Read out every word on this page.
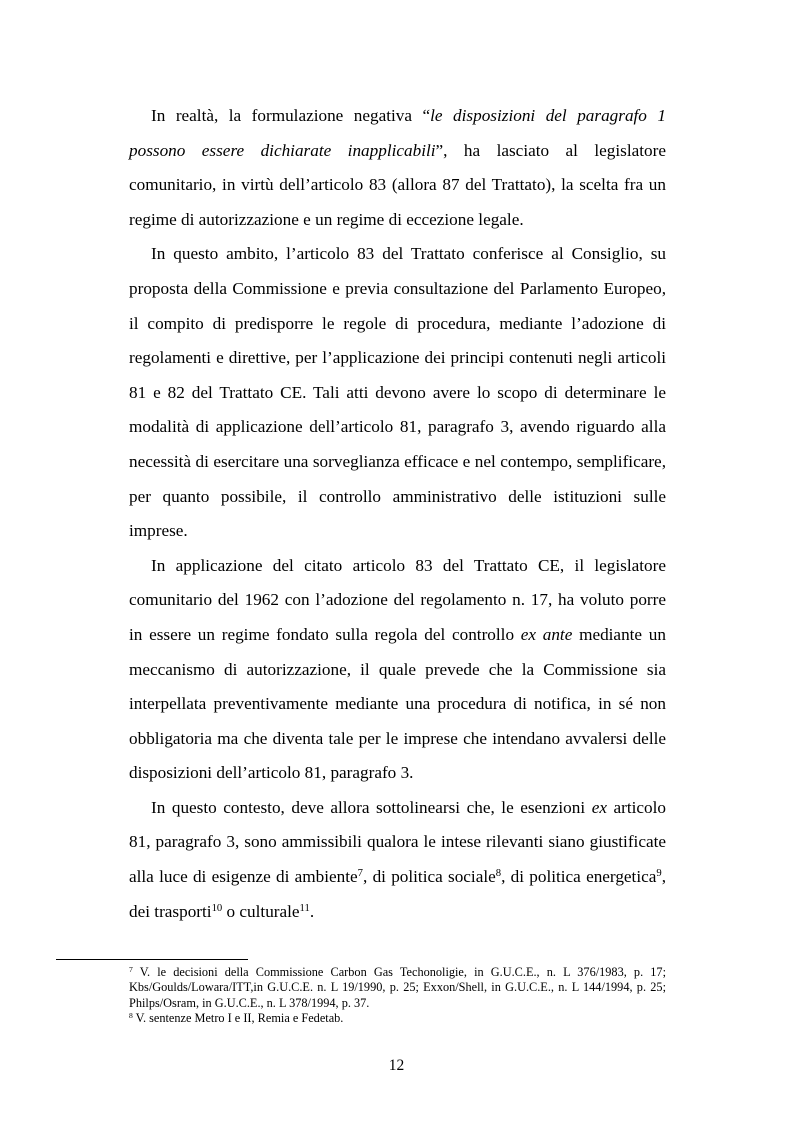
In realtà, la formulazione negativa “le disposizioni del paragrafo 1 possono essere dichiarate inapplicabili”, ha lasciato al legislatore comunitario, in virtù dell’articolo 83 (allora 87 del Trattato), la scelta fra un regime di autorizzazione e un regime di eccezione legale.

In questo ambito, l’articolo 83 del Trattato conferisce al Consiglio, su proposta della Commissione e previa consultazione del Parlamento Europeo, il compito di predisporre le regole di procedura, mediante l’adozione di regolamenti e direttive, per l’applicazione dei principi contenuti negli articoli 81 e 82 del Trattato CE. Tali atti devono avere lo scopo di determinare le modalità di applicazione dell’articolo 81, paragrafo 3, avendo riguardo alla necessità di esercitare una sorveglianza efficace e nel contempo, semplificare, per quanto possibile, il controllo amministrativo delle istituzioni sulle imprese.

In applicazione del citato articolo 83 del Trattato CE, il legislatore comunitario del 1962 con l’adozione del regolamento n. 17, ha voluto porre in essere un regime fondato sulla regola del controllo ex ante mediante un meccanismo di autorizzazione, il quale prevede che la Commissione sia interpellata preventivamente mediante una procedura di notifica, in sé non obbligatoria ma che diventa tale per le imprese che intendano avvalersi delle disposizioni dell’articolo 81, paragrafo 3.

In questo contesto, deve allora sottolinearsi che, le esenzioni ex articolo 81, paragrafo 3, sono ammissibili qualora le intese rilevanti siano giustificate alla luce di esigenze di ambiente$^7$, di politica sociale$^8$, di politica energetica$^9$, dei trasporti$^{10}$ o culturale$^{11}$.

$^7$ V. le decisioni della Commissione Carbon Gas Techonoligie, in G.U.C.E., n. L 376/1983, p. 17; Kbs/Goulds/Lowara/ITT,in G.U.C.E. n. L 19/1990, p. 25; Exxon/Shell, in G.U.C.E., n. L 144/1994, p. 25; Philps/Osram, in G.U.C.E., n. L 378/1994, p. 37.

$^8$ V. sentenze Metro I e II, Remia e Fedetab.

12
